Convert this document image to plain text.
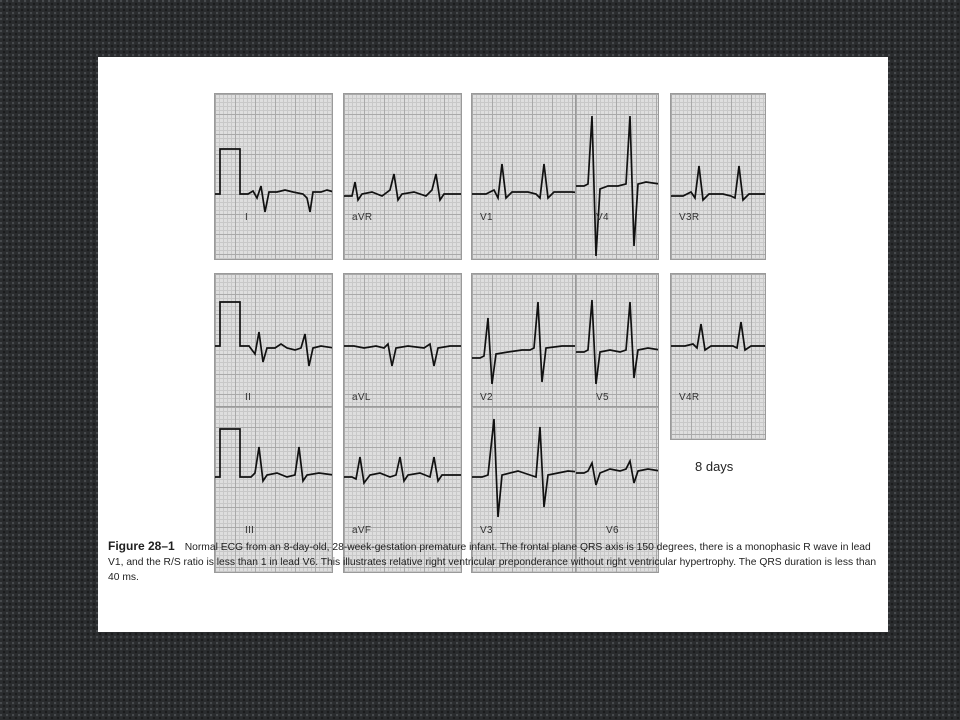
I	aVR	V1	V4	V3R
II	aVL	V2	V5	V4R
III	aVF	V3	V6
8 days
Figure 28–1 Normal ECG from an 8-day-old, 28-week-gestation premature infant. The frontal plane QRS axis is 150 degrees, there is a monophasic R wave in lead V1, and the R/S ratio is less than 1 in lead V6. This illustrates relative right ventricular preponderance without right ventricular hypertrophy. The QRS duration is less than 40 ms.
